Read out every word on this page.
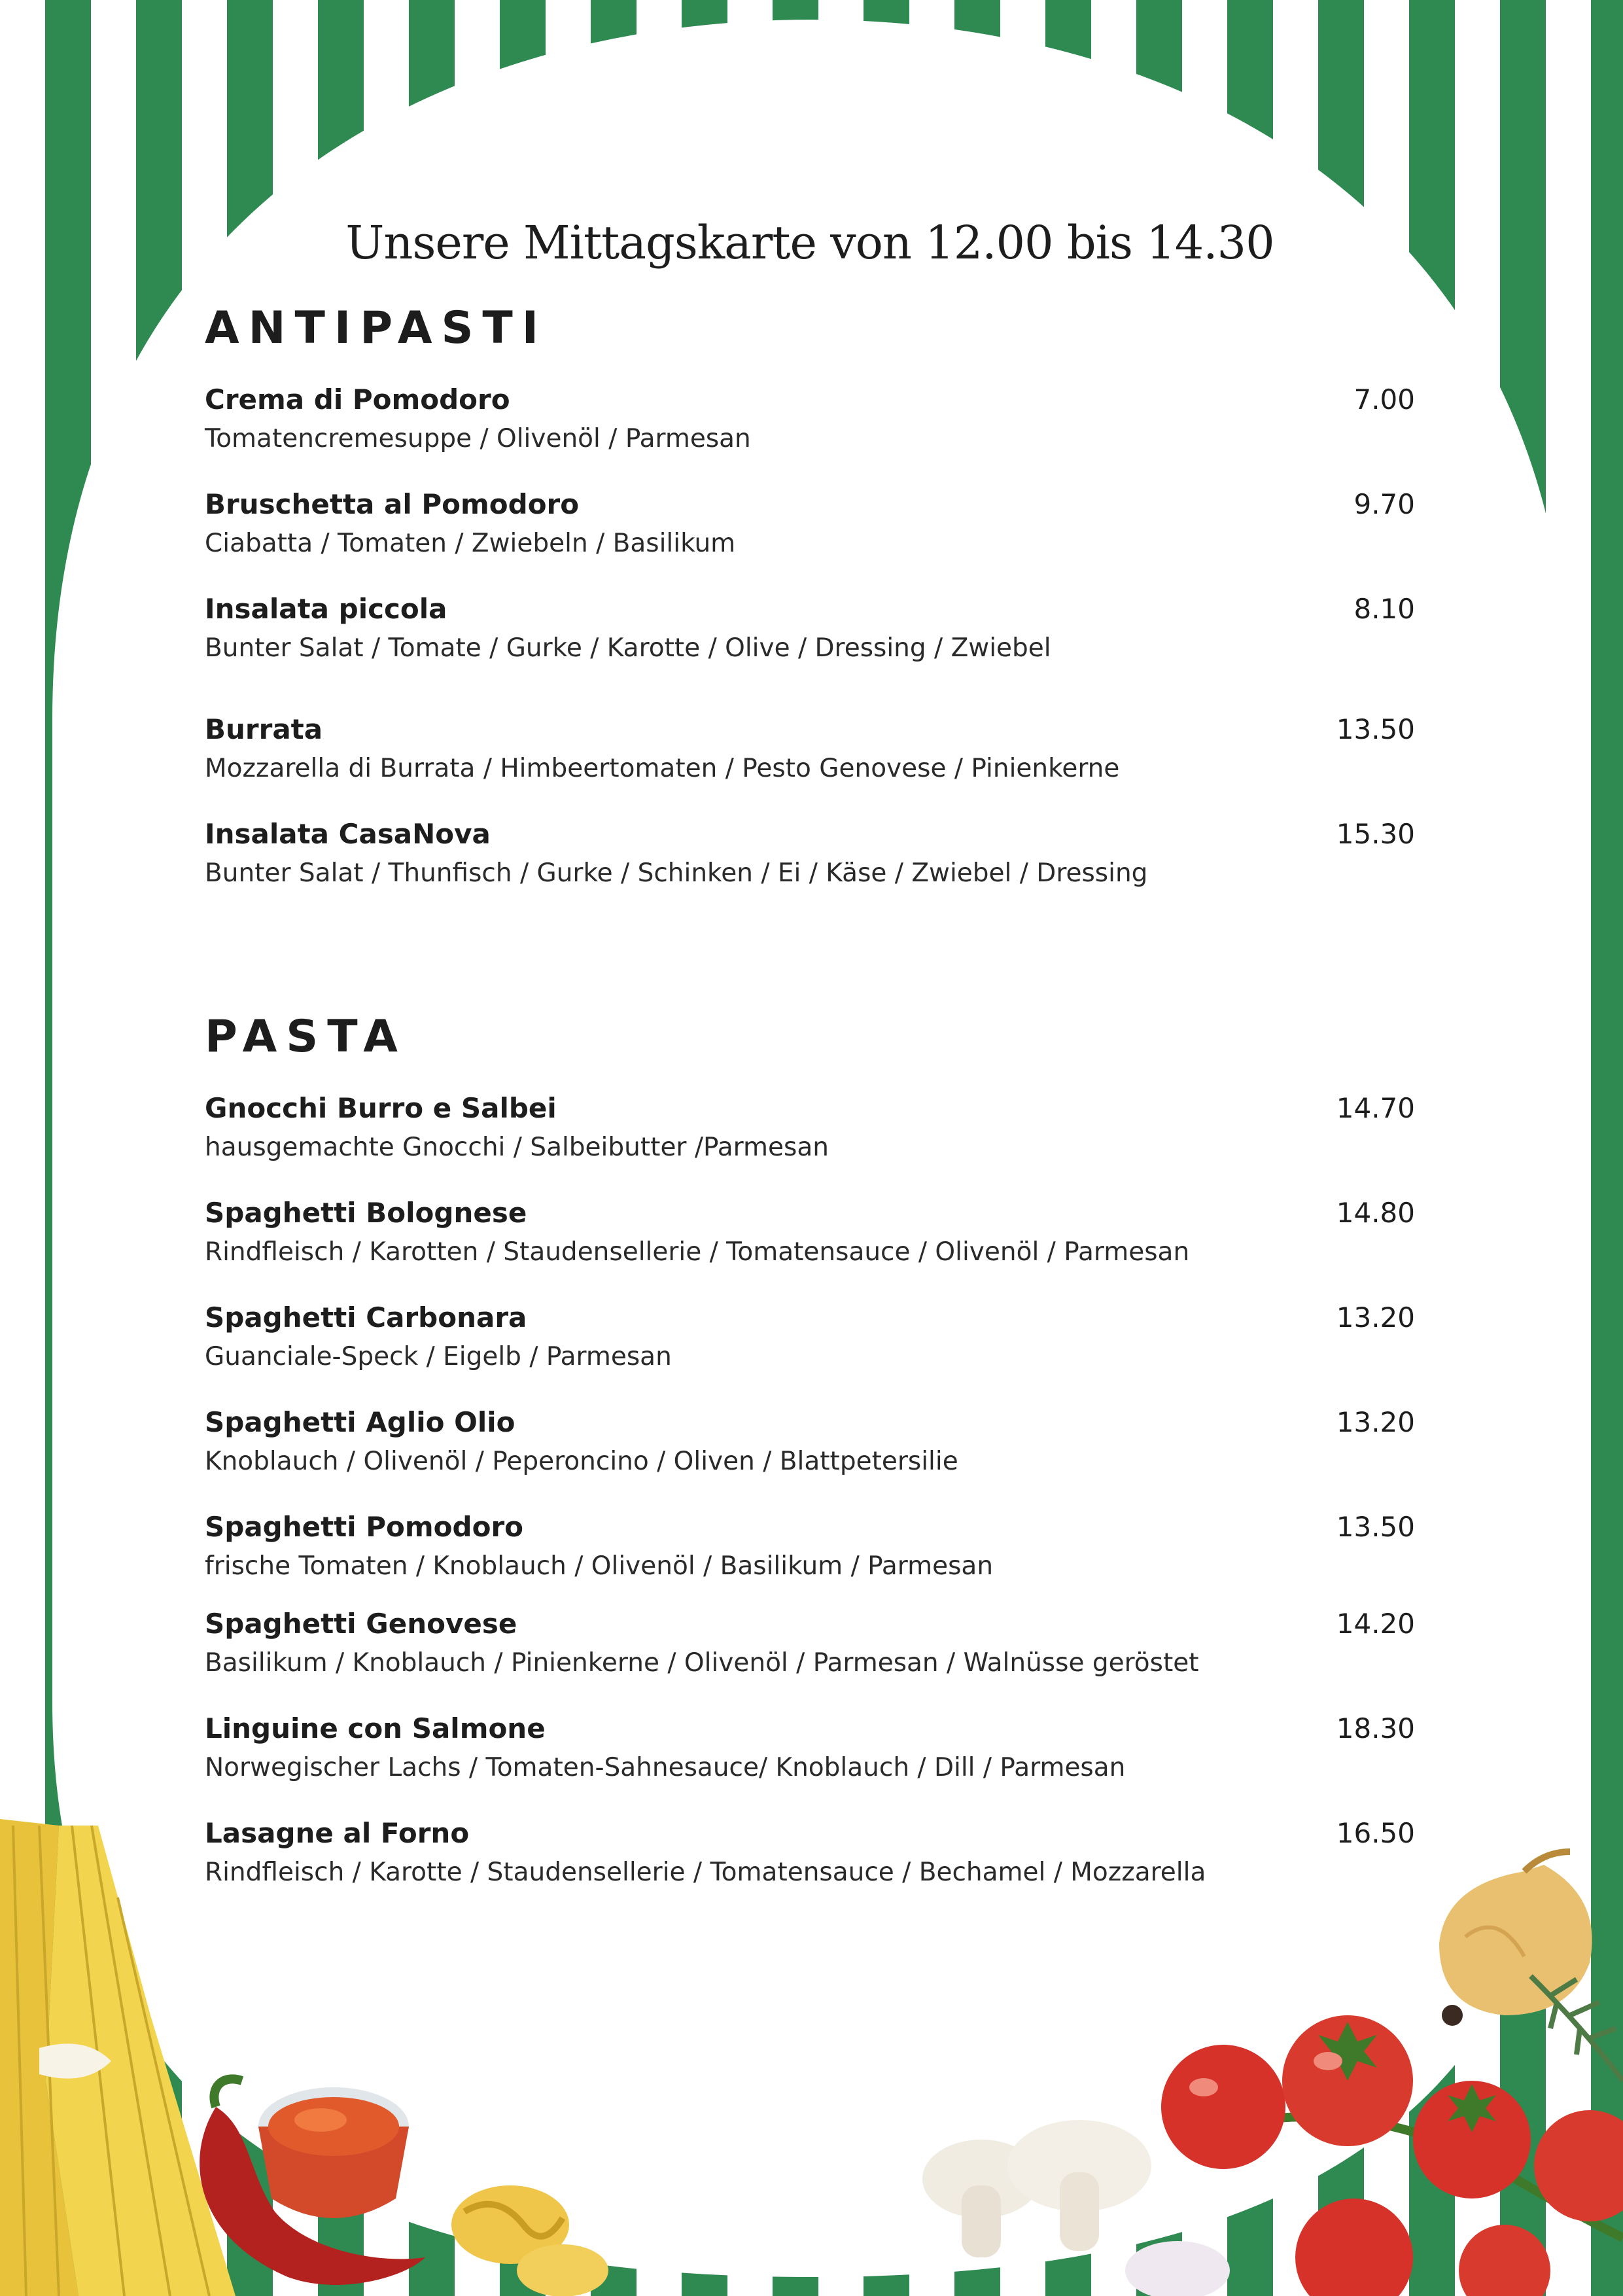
Unsere Mittagskarte von 12.00 bis 14.30
ANTIPASTI
Crema di Pomodoro
Tomatencremesuppe / Olivenöl / Parmesan
7.00
Bruschetta al Pomodoro
Ciabatta / Tomaten / Zwiebeln / Basilikum
9.70
Insalata piccola
Bunter Salat / Tomate / Gurke / Karotte / Olive / Dressing / Zwiebel
8.10
Burrata
Mozzarella di Burrata / Himbeertomaten / Pesto Genovese / Pinienkerne
13.50
Insalata CasaNova
Bunter Salat / Thunfisch / Gurke / Schinken / Ei / Käse / Zwiebel / Dressing
15.30
PASTA
Gnocchi Burro e Salbei
hausgemachte Gnocchi / Salbeibutter /Parmesan
14.70
Spaghetti Bolognese
Rindfleisch / Karotten / Staudensellerie / Tomatensauce / Olivenöl / Parmesan
14.80
Spaghetti Carbonara
Guanciale-Speck / Eigelb / Parmesan
13.20
Spaghetti Aglio Olio
Knoblauch / Olivenöl / Peperoncino / Oliven / Blattpetersilie
13.20
Spaghetti Pomodoro
frische Tomaten / Knoblauch / Olivenöl / Basilikum / Parmesan
13.50
Spaghetti Genovese
Basilikum / Knoblauch / Pinienkerne / Olivenöl / Parmesan / Walnüsse geröstet
14.20
Linguine con Salmone
Norwegischer Lachs / Tomaten-Sahnesauce/ Knoblauch / Dill / Parmesan
18.30
Lasagne al Forno
Rindfleisch / Karotte / Staudensellerie / Tomatensauce / Bechamel / Mozzarella
16.50
